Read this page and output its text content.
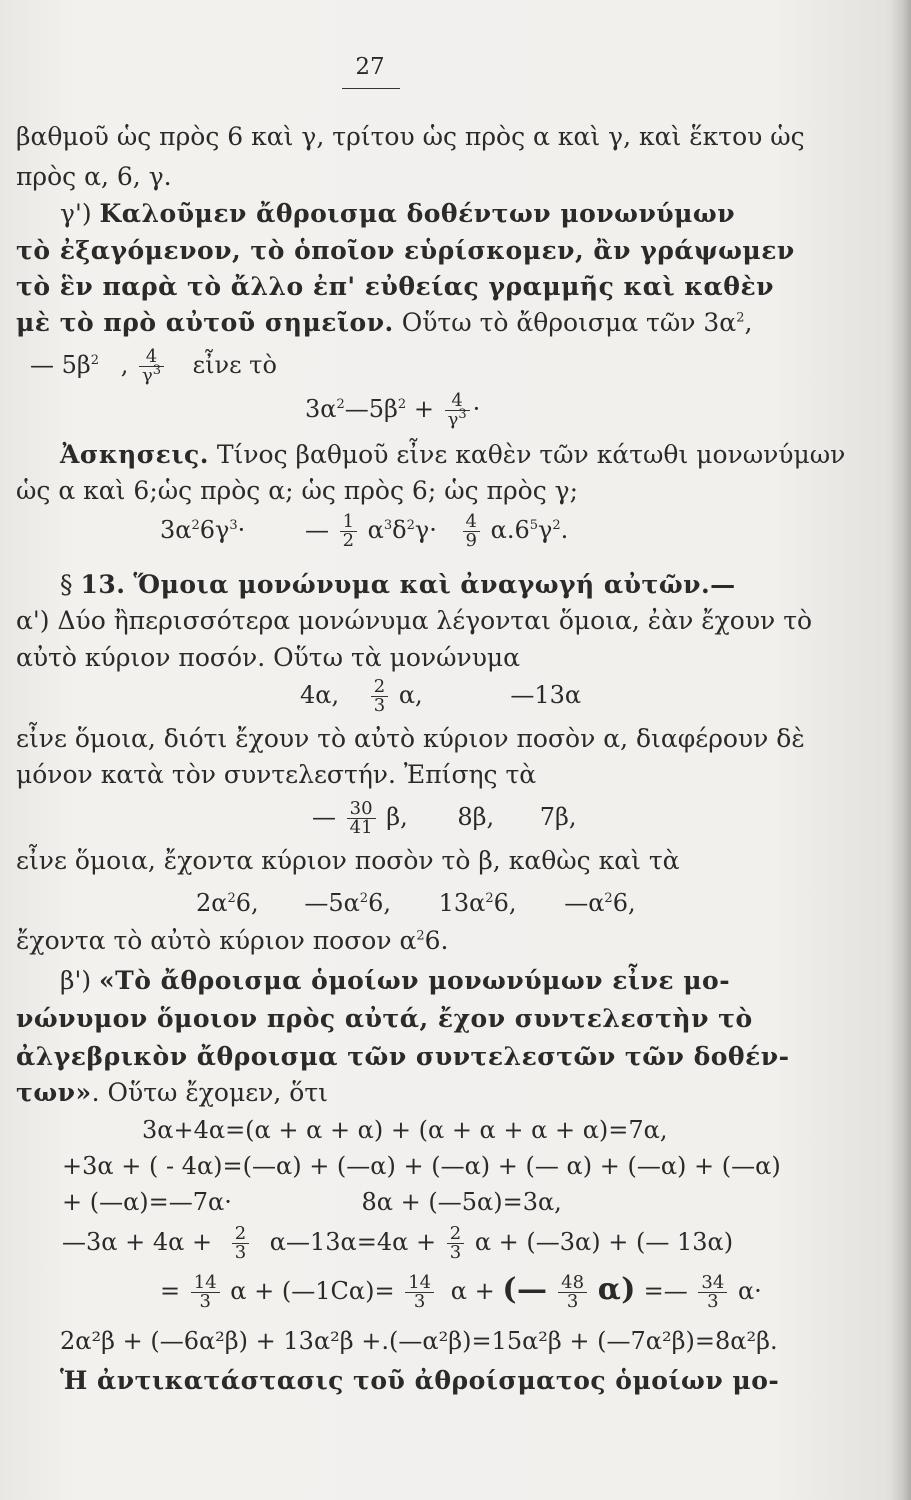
27
βαθμοῦ ὡς πρὸς 6 καὶ γ, τρίτου ὡς πρὸς α καὶ γ, καὶ ἕκτου ὡς
πρὸς α, 6, γ.
γ') Καλοῦμεν ἄθροισμα δοθέντων μονωνύμων
τὸ ἐξαγόμενον, τὸ ὁποῖον εὑρίσκομεν, ἂν γράψωμεν
τὸ ἓν παρὰ τὸ ἄλλο ἐπ' εὐθείας γραμμῆς καὶ καθὲν
μὲ τὸ πρὸ αὐτοῦ σημεῖον. Οὕτω τὸ ἄθροισμα τῶν $3\alpha^2$,
— $5\beta^2$ , $\frac{4}{\gamma^3}$ εἶνε τὸ
$3\alpha^2—5\beta^2 + \frac{4}{\gamma^3}$ ·
Ἀσκησεις. Τίνος βαθμοῦ εἶνε καθὲν τῶν κάτωθι μονωνύμων
ὡς α καὶ 6;ὡς πρὸς α; ὡς πρὸς 6; ὡς πρὸς γ;
$3\alpha^26\gamma^3\cdot$ — $\frac{1}{2} \alpha^3\delta^2\gamma\cdot \frac{4}{9} \alpha.6^5\gamma^2$.
§ 13. Ὅμοια μονώνυμα καὶ ἀναγωγή αὐτῶν.—
α') Δύο ἢπερισσότερα μονώνυμα λέγονται ὅμοια, ἐὰν ἔχουν τὸ
αὐτὸ κύριον ποσόν. Οὕτω τὰ μονώνυμα
4α, $\frac{2}{3} \alpha$,	—13α
εἶνε ὅμοια, διότι ἔχουν τὸ αὐτὸ κύριον ποσὸν α, διαφέρουν δὲ
μόνον κατὰ τὸν συντελεστήν. Ἐπίσης τὰ
— $\frac{30}{41} \beta$, 8β, 7β,
εἶνε ὅμοια, ἔχοντα κύριον ποσὸν τὸ β, καθὼς καὶ τὰ
$2\alpha^26$, $—5\alpha^26$, $13\alpha^26$, $—\alpha^26$,
ἔχοντα τὸ αὐτὸ κύριον ποσον $\alpha^26$.
β') «Τὸ ἄθροισμα ὁμοίων μονωνύμων εἶνε μο-
νώνυμον ὅμοιον πρὸς αὐτά, ἔχον συντελεστὴν τὸ
ἀλγεβρικὸν ἄθροισμα τῶν συντελεστῶν τῶν δοθέν-
των». Οὕτω ἔχομεν, ὅτι
3α+4α=(α + α + α) + (α + α + α + α)=7α,
+3α + ( - 4α)=(—α) + (—α) + (—α) + (— α) + (—α) + (—α)
+ (—α)=—7α·	8α + (—5α)=3α,
—3α + $4\alpha + \frac{2}{3}$ α—13α=4α + $\frac{2}{3}$ α + (—3α) + (— 13α)
= $\frac{14}{3}$ α + (—1Cα)= $\frac{14}{3}$ α + (— $\frac{48}{3} \alpha$) =— $\frac{34}{3} \alpha\cdot$
2α²β + (—6α²β) + 13α²β +.(—α²β)=15α²β + (—7α²β)=8α²β.
Ἡ ἀντικατάστασις τοῦ ἀθροίσματος ὁμοίων μο-
